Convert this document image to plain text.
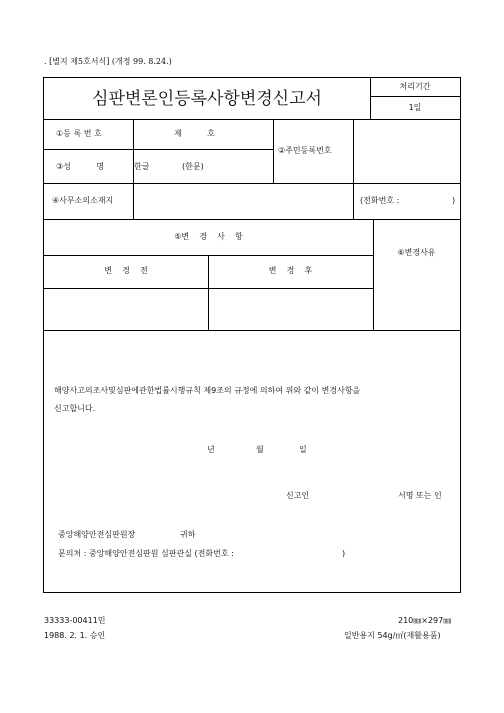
. [별지 제5호서식] (개정 99. 8.24.)
심판변론인등록사항변경신고서
처리기간
1일
①등 록 번 호	제          호
②주민등록번호
③성          명	한글	(한문)
④사무소의소재지	(전화번호 :	)
⑤변    경    사    항
⑥변경사유
변    경    전	변    경    후
해양사고의조사및심판에관한법률시행규칙 제9조의 규정에 의하여 위와 같이 변경사항을
신고합니다.
년	월	일
신고인	서명 또는 인
중앙해양안전심판원장	귀하
문의처 : 중앙해양안전심판원 심판관실 (전화번호 :	)
33333-00411민	210㎜×297㎜
1988. 2. 1. 승인	일반용지 54g/㎡(재활용품)
